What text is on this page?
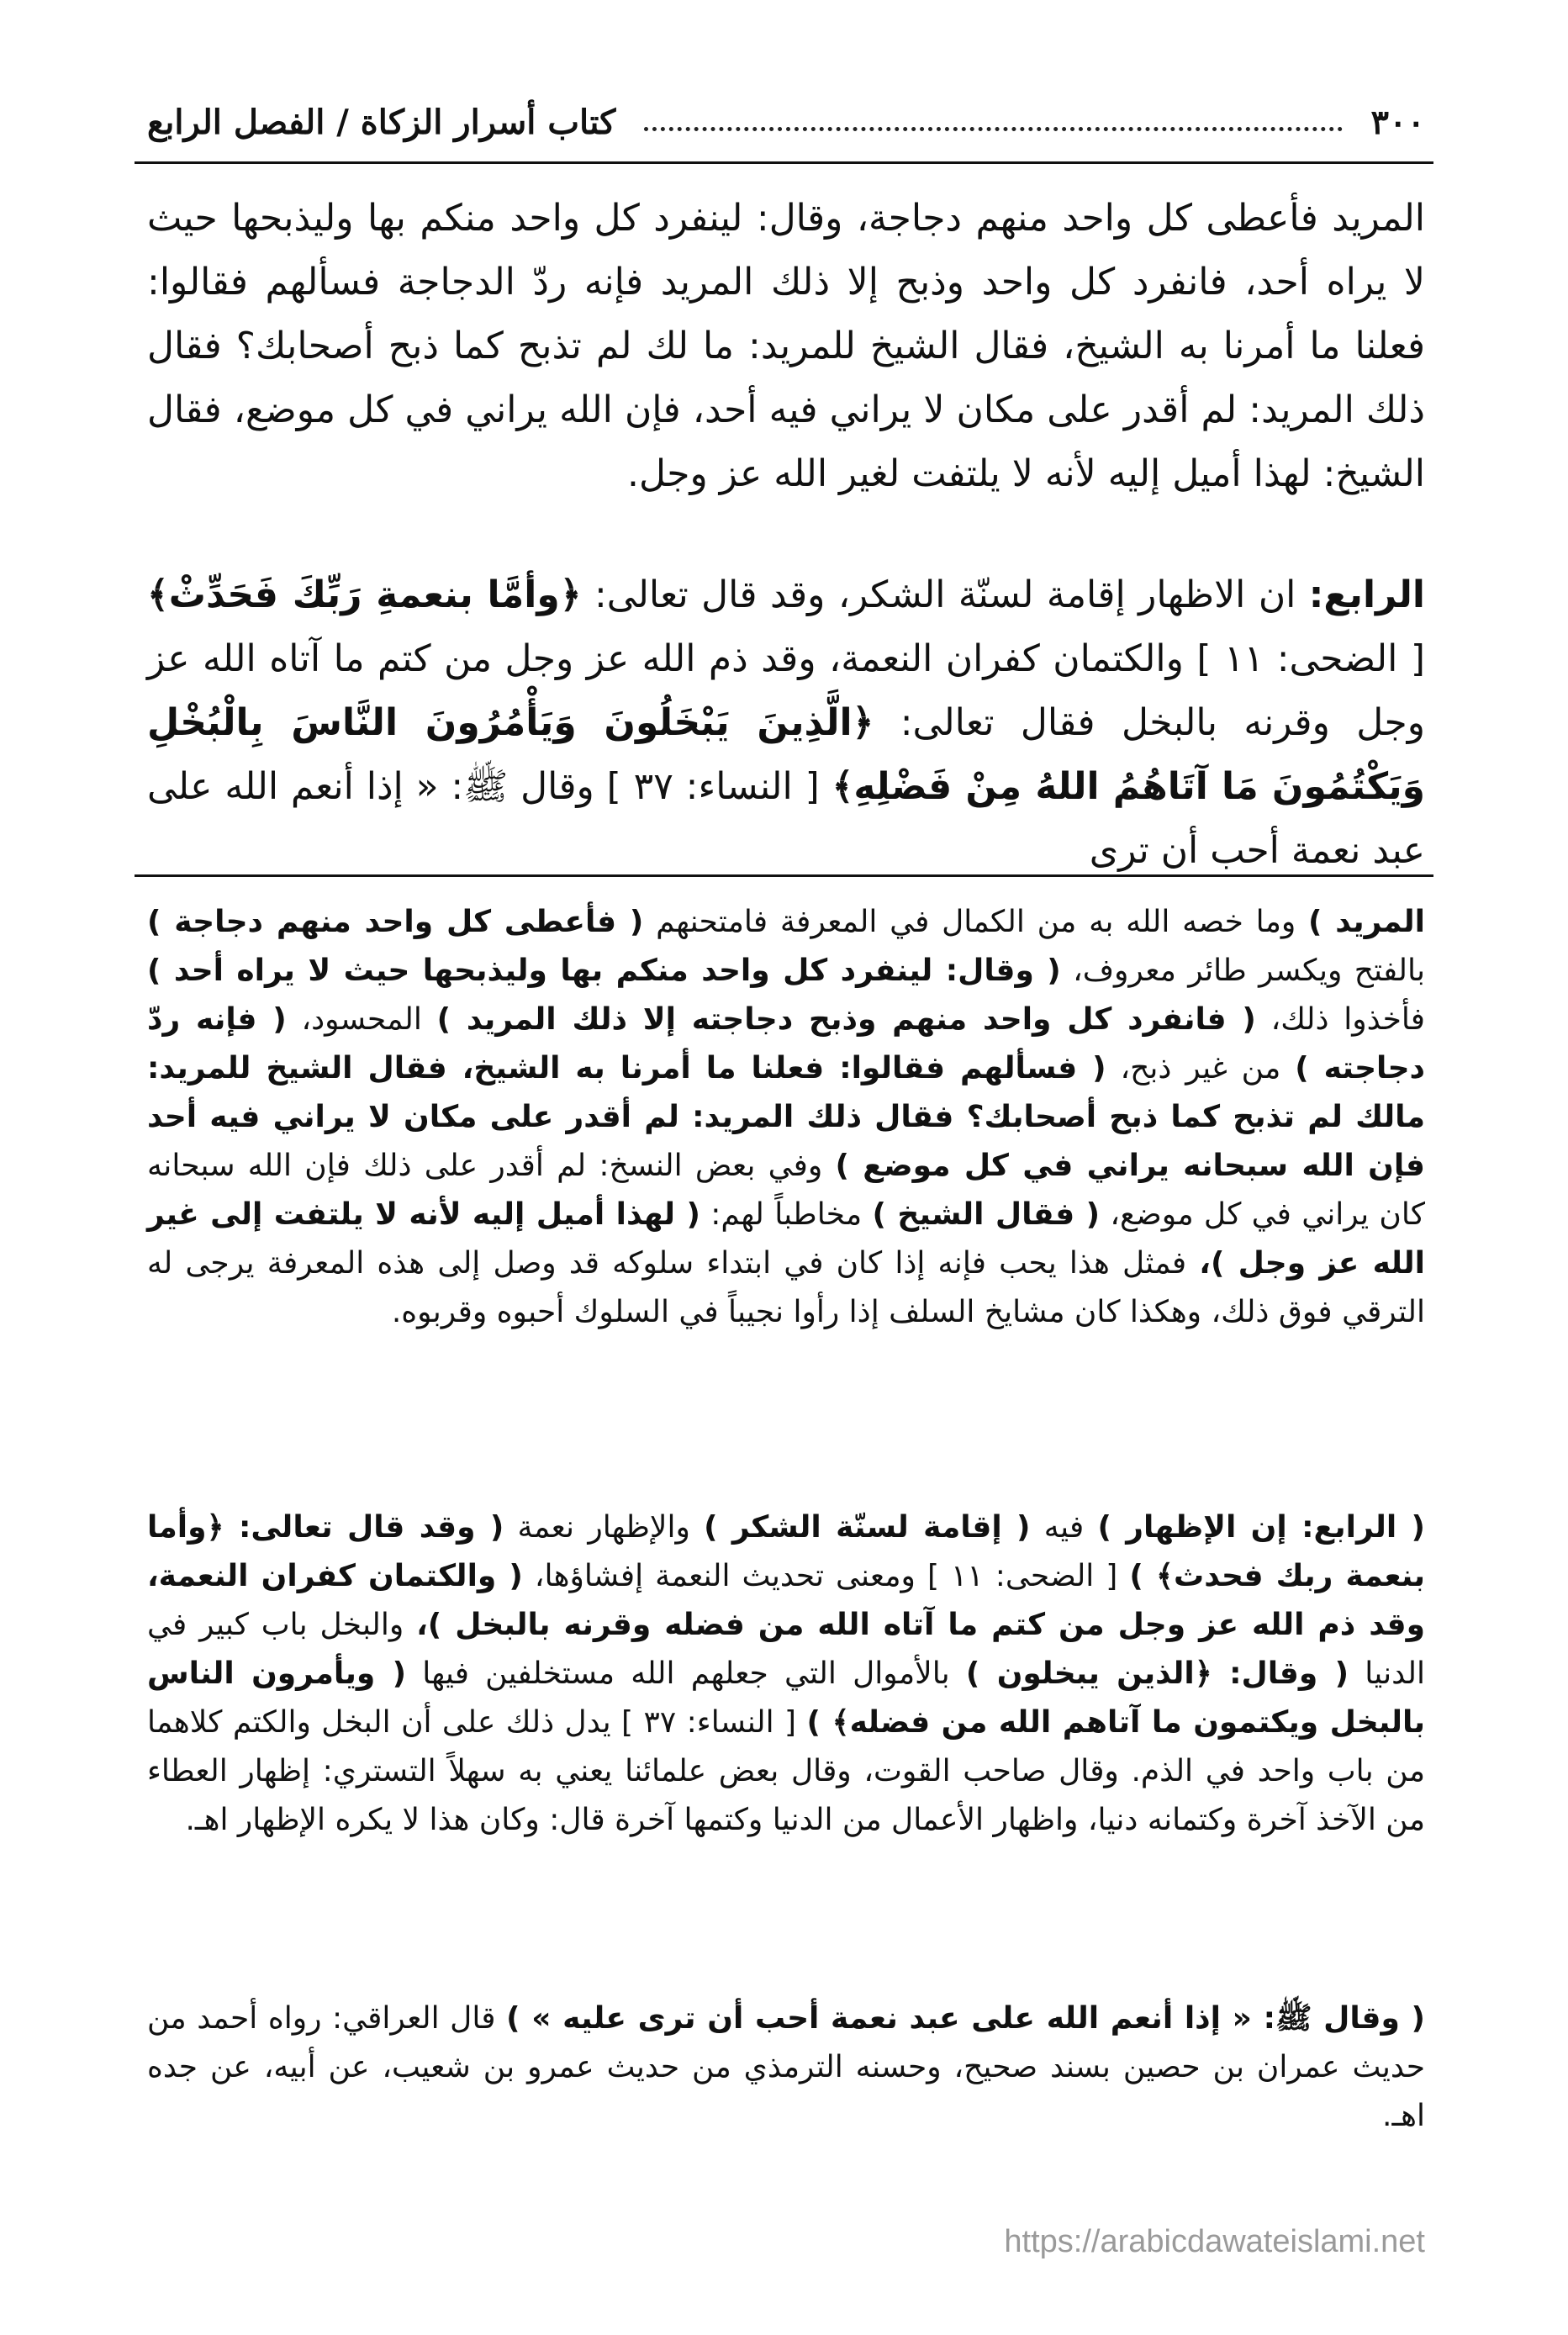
٣٠٠
كتاب أسرار الزكاة / الفصل الرابع

المريد فأعطى كل واحد منهم دجاجة، وقال: لينفرد كل واحد منكم بها وليذبحها حيث لا يراه أحد، فانفرد كل واحد وذبح إلا ذلك المريد فإنه ردّ الدجاجة فسألهم فقالوا: فعلنا ما أمرنا به الشيخ، فقال الشيخ للمريد: ما لك لم تذبح كما ذبح أصحابك؟ فقال ذلك المريد: لم أقدر على مكان لا يراني فيه أحد، فإن الله يراني في كل موضع، فقال الشيخ: لهذا أميل إليه لأنه لا يلتفت لغير الله عز وجل.

الرابع: ان الاظهار إقامة لسنّة الشكر، وقد قال تعالى: ﴿وأمَّا بنعمةِ رَبِّكَ فَحَدِّثْ﴾ [ الضحى: ١١ ] والكتمان كفران النعمة، وقد ذم الله عز وجل من كتم ما آتاه الله عز وجل وقرنه بالبخل فقال تعالى: ﴿الَّذِينَ يَبْخَلُونَ وَيَأْمُرُونَ النَّاسَ بِالْبُخْلِ وَيَكْتُمُونَ مَا آتَاهُمُ اللهُ مِنْ فَضْلِهِ﴾ [ النساء: ٣٧ ] وقال ﷺ: « إذا أنعم الله على عبد نعمة أحب أن ترى

المريد ) وما خصه الله به من الكمال في المعرفة فامتحنهم ( فأعطى كل واحد منهم دجاجة ) بالفتح ويكسر طائر معروف، ( وقال: لينفرد كل واحد منكم بها وليذبحها حيث لا يراه أحد ) فأخذوا ذلك، ( فانفرد كل واحد منهم وذبح دجاجته إلا ذلك المريد ) المحسود، ( فإنه ردّ دجاجته ) من غير ذبح، ( فسألهم فقالوا: فعلنا ما أمرنا به الشيخ، فقال الشيخ للمريد: مالك لم تذبح كما ذبح أصحابك؟ فقال ذلك المريد: لم أقدر على مكان لا يراني فيه أحد فإن الله سبحانه يراني في كل موضع ) وفي بعض النسخ: لم أقدر على ذلك فإن الله سبحانه كان يراني في كل موضع، ( فقال الشيخ ) مخاطباً لهم: ( لهذا أميل إليه لأنه لا يلتفت إلى غير الله عز وجل )، فمثل هذا يحب فإنه إذا كان في ابتداء سلوكه قد وصل إلى هذه المعرفة يرجى له الترقي فوق ذلك، وهكذا كان مشايخ السلف إذا رأوا نجيباً في السلوك أحبوه وقربوه.

( الرابع: إن الإظهار ) فيه ( إقامة لسنّة الشكر ) والإظهار نعمة ( وقد قال تعالى: ﴿وأما بنعمة ربك فحدث﴾ ) [ الضحى: ١١ ] ومعنى تحديث النعمة إفشاؤها، ( والكتمان كفران النعمة، وقد ذم الله عز وجل من كتم ما آتاه الله من فضله وقرنه بالبخل )، والبخل باب كبير في الدنيا ( وقال: ﴿الذين يبخلون ) بالأموال التي جعلهم الله مستخلفين فيها ( ويأمرون الناس بالبخل ويكتمون ما آتاهم الله من فضله﴾ ) [ النساء: ٣٧ ] يدل ذلك على أن البخل والكتم كلاهما من باب واحد في الذم. وقال صاحب القوت، وقال بعض علمائنا يعني به سهلاً التستري: إظهار العطاء من الآخذ آخرة وكتمانه دنيا، واظهار الأعمال من الدنيا وكتمها آخرة قال: وكان هذا لا يكره الإظهار اهـ.

( وقال ﷺ: « إذا أنعم الله على عبد نعمة أحب أن ترى عليه » ) قال العراقي: رواه أحمد من حديث عمران بن حصين بسند صحيح، وحسنه الترمذي من حديث عمرو بن شعيب، عن أبيه، عن جده اهـ.

https://arabicdawateislami.net
